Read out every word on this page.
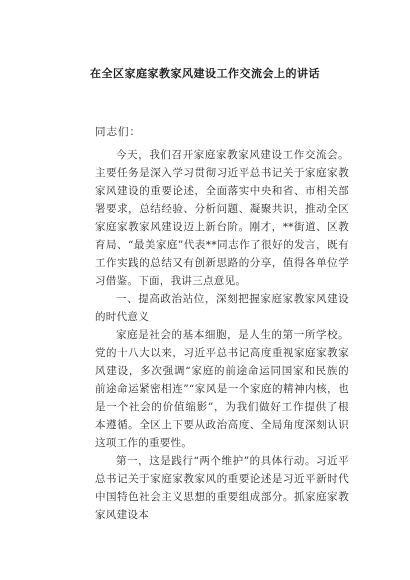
在全区家庭家教家风建设工作交流会上的讲话
同志们：

今天，我们召开家庭家教家风建设工作交流会。主要任务是深入学习贯彻习近平总书记关于家庭家教家风建设的重要论述，全面落实中央和省、市相关部署要求，总结经验、分析问题、凝聚共识，推动全区家庭家教家风建设迈上新台阶。刚才，**街道、区教育局、“最美家庭”代表**同志作了很好的发言，既有工作实践的总结又有创新思路的分享，值得各单位学习借鉴。下面，我讲三点意见。

一、提高政治站位，深刻把握家庭家教家风建设的时代意义

家庭是社会的基本细胞，是人生的第一所学校。党的十八大以来，习近平总书记高度重视家庭家教家风建设，多次强调“家庭的前途命运同国家和民族的前途命运紧密相连”“家风是一个家庭的精神内核，也是一个社会的价值缩影”，为我们做好工作提供了根本遵循。全区上下要从政治高度、全局角度深刻认识这项工作的重要性。

第一，这是践行“两个维护”的具体行动。习近平总书记关于家庭家教家风的重要论述是习近平新时代中国特色社会主义思想的重要组成部分。抓家庭家教家风建设本
